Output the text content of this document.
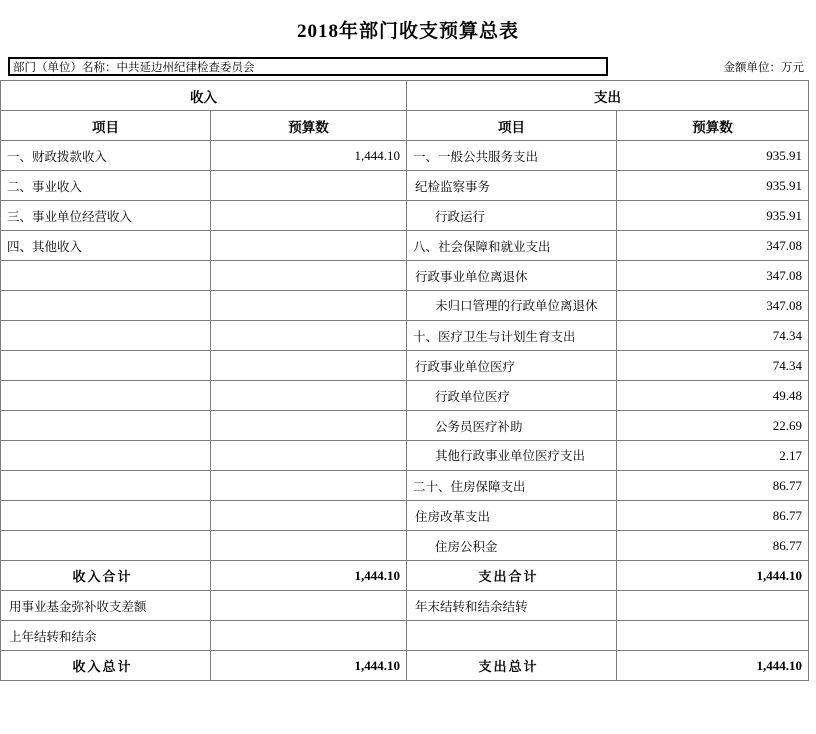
2018年部门收支预算总表
部门（单位）名称：中共延边州纪律检查委员会	金额单位：万元
收入		支出	
项目	预算数	项目	预算数
一、财政拨款收入	1,444.10	一、一般公共服务支出	935.91
二、事业收入		纪检监察事务	935.91
三、事业单位经营收入		行政运行	935.91
四、其他收入		八、社会保障和就业支出	347.08
		行政事业单位离退休	347.08
		未归口管理的行政单位离退休	347.08
		十、医疗卫生与计划生育支出	74.34
		行政事业单位医疗	74.34
		行政单位医疗	49.48
		公务员医疗补助	22.69
		其他行政事业单位医疗支出	2.17
		二十、住房保障支出	86.77
		住房改革支出	86.77
		住房公积金	86.77
收入合计	1,444.10	支出合计	1,444.10
用事业基金弥补收支差额		年末结转和结余结转	
上年结转和结余			
收入总计	1,444.10	支出总计	1,444.10
